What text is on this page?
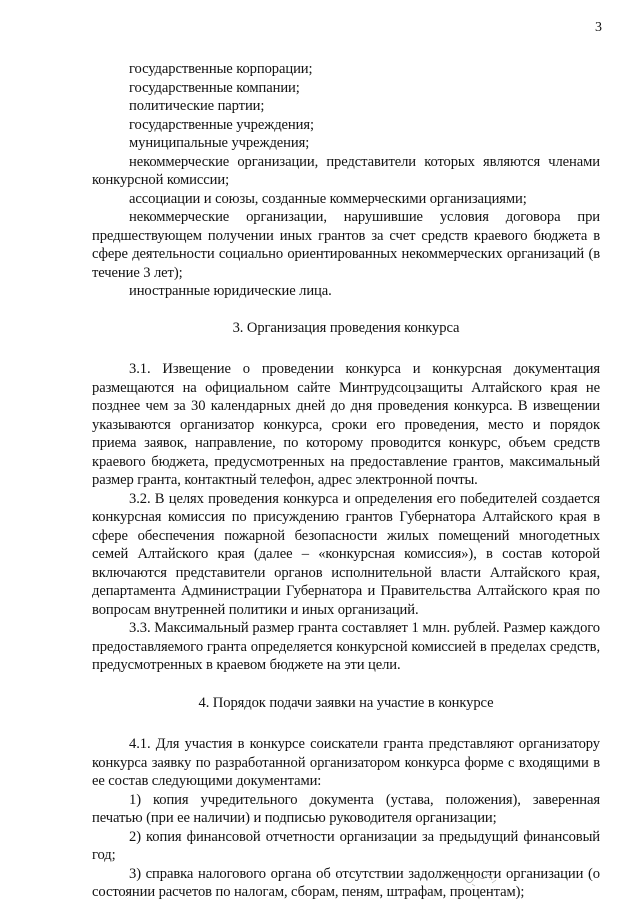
3
государственные корпорации;
государственные компании;
политические партии;
государственные учреждения;
муниципальные учреждения;
некоммерческие организации, представители которых являются членами конкурсной комиссии;
ассоциации и союзы, созданные коммерческими организациями;
некоммерческие организации, нарушившие условия договора при предшествующем получении иных грантов за счет средств краевого бюджета в сфере деятельности социально ориентированных некоммерческих организаций (в течение 3 лет);
иностранные юридические лица.
3. Организация проведения конкурса
3.1. Извещение о проведении конкурса и конкурсная документация размещаются на официальном сайте Минтрудсоцзащиты Алтайского края не позднее чем за 30 календарных дней до дня проведения конкурса. В извещении указываются организатор конкурса, сроки его проведения, место и порядок приема заявок, направление, по которому проводится конкурс, объем средств краевого бюджета, предусмотренных на предоставление грантов, максимальный размер гранта, контактный телефон, адрес электронной почты.
3.2. В целях проведения конкурса и определения его победителей создается конкурсная комиссия по присуждению грантов Губернатора Алтайского края в сфере обеспечения пожарной безопасности жилых помещений многодетных семей Алтайского края (далее – «конкурсная комиссия»), в состав которой включаются представители органов исполнительной власти Алтайского края, департамента Администрации Губернатора и Правительства Алтайского края по вопросам внутренней политики и иных организаций.
3.3. Максимальный размер гранта составляет 1 млн. рублей. Размер каждого предоставляемого гранта определяется конкурсной комиссией в пределах средств, предусмотренных в краевом бюджете на эти цели.
4. Порядок подачи заявки на участие в конкурсе
4.1. Для участия в конкурсе соискатели гранта представляют организатору конкурса заявку по разработанной организатором конкурса форме с входящими в ее состав следующими документами:
1) копия учредительного документа (устава, положения), заверенная печатью (при ее наличии) и подписью руководителя организации;
2) копия финансовой отчетности организации за предыдущий финансовый год;
3) справка налогового органа об отсутствии задолженности организации (о состоянии расчетов по налогам, сборам, пеням, штрафам, процентам);
